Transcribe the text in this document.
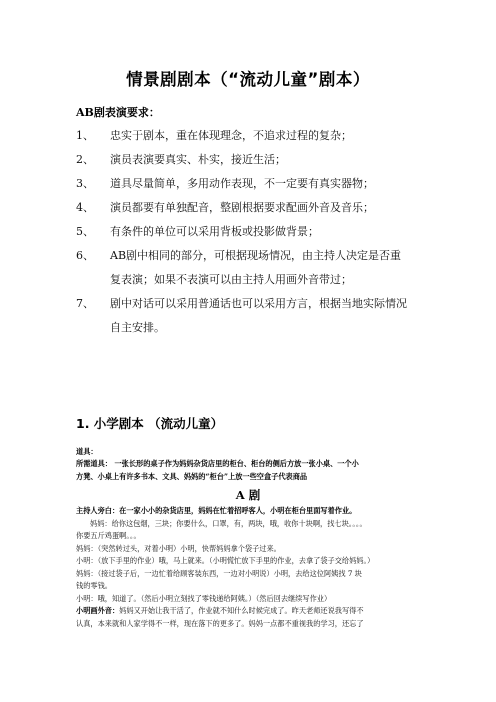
情景剧剧本（“流动儿童”剧本）
AB剧表演要求：
1、 忠实于剧本，重在体现理念，不追求过程的复杂；
2、 演员表演要真实、朴实，接近生活；
3、 道具尽量简单，多用动作表现，不一定要有真实器物；
4、 演员都要有单独配音，整剧根据要求配画外音及音乐；
5、 有条件的单位可以采用背板或投影做背景；
6、 AB剧中相同的部分，可根据现场情况，由主持人决定是否重
复表演；如果不表演可以由主持人用画外音带过；
7、 剧中对话可以采用普通话也可以采用方言，根据当地实际情况
自主安排。
1. 小学剧本 （流动儿童）
道具：
所需道具： 一张长形的桌子作为妈妈杂货店里的柜台、柜台的侧后方放一张小桌、一个小
方凳、小桌上有许多书本、文具、妈妈的“柜台”上放一些空盒子代表商品
A 剧
主持人旁白：在一家小小的杂货店里，妈妈在忙着招呼客人，小明在柜台里面写着作业。
妈妈：给你这包烟，三块；你要什么，口罩，有，两块，哦，收你十块啊，找七块。。。。
你要五斤鸡蛋啊。。。
妈妈：（突然转过头，对着小明）小明，快帮妈妈拿个袋子过来。
小明：（放下手里的作业）哦，马上就来。（小明慌忙放下手里的作业，去拿了袋子交给妈妈。）
妈妈：（接过袋子后，一边忙着给顾客装东西，一边对小明说）小明，去给这位阿姨找 7 块
钱的零钱。
小明：哦，知道了。（然后小明立刻找了零钱递给阿姨。）（然后回去继续写作业）
小明画外音：妈妈又开始让我干活了，作业就不知什么时候完成了。昨天老师还说我写得不
认真，本来就和人家学得不一样，现在落下的更多了。妈妈一点都不重视我的学习，还忘了
